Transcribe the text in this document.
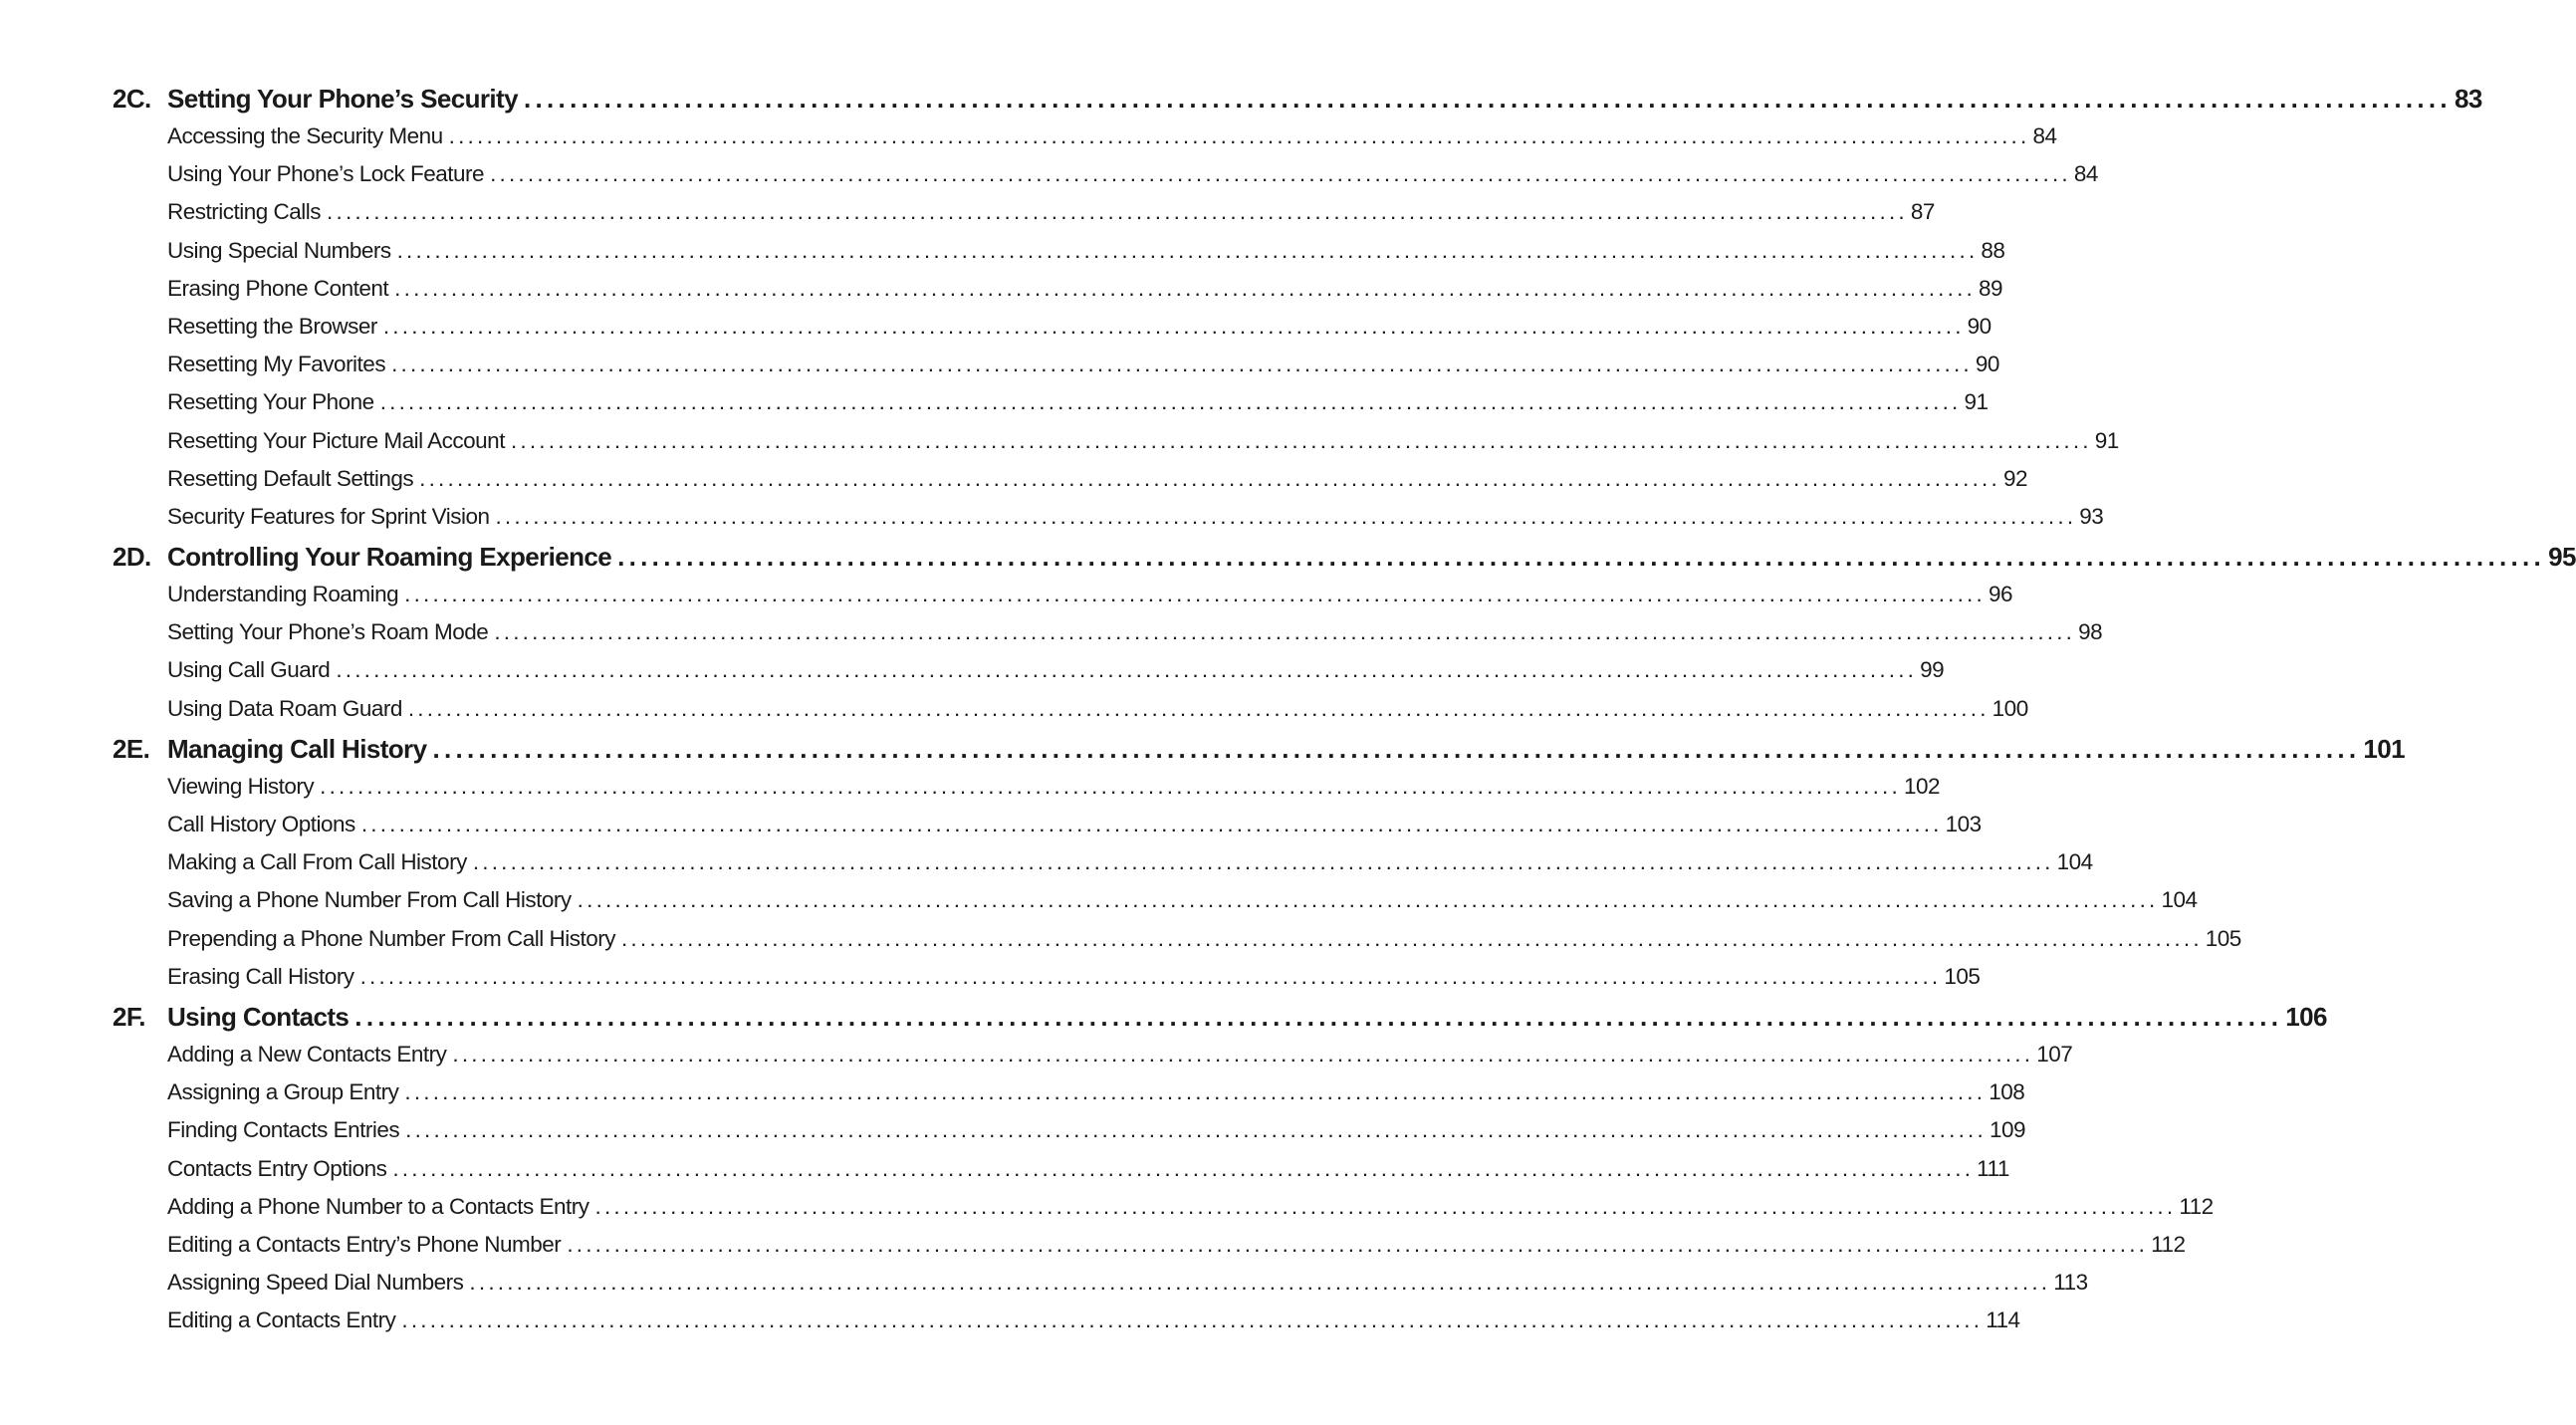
2C. Setting Your Phone’s Security .....	83
Accessing the Security Menu .....	84
Using Your Phone’s Lock Feature .....	84
Restricting Calls .....	87
Using Special Numbers .....	88
Erasing Phone Content .....	89
Resetting the Browser .....	90
Resetting My Favorites .....	90
Resetting Your Phone .....	91
Resetting Your Picture Mail Account .....	91
Resetting Default Settings .....	92
Security Features for Sprint Vision .....	93
2D. Controlling Your Roaming Experience .....	95
Understanding Roaming .....	96
Setting Your Phone’s Roam Mode .....	98
Using Call Guard .....	99
Using Data Roam Guard .....	100
2E. Managing Call History .....	101
Viewing History .....	102
Call History Options .....	103
Making a Call From Call History .....	104
Saving a Phone Number From Call History .....	104
Prepending a Phone Number From Call History .....	105
Erasing Call History .....	105
2F. Using Contacts .....	106
Adding a New Contacts Entry .....	107
Assigning a Group Entry .....	108
Finding Contacts Entries .....	109
Contacts Entry Options .....	111
Adding a Phone Number to a Contacts Entry .....	112
Editing a Contacts Entry’s Phone Number .....	112
Assigning Speed Dial Numbers .....	113
Editing a Contacts Entry .....	114
